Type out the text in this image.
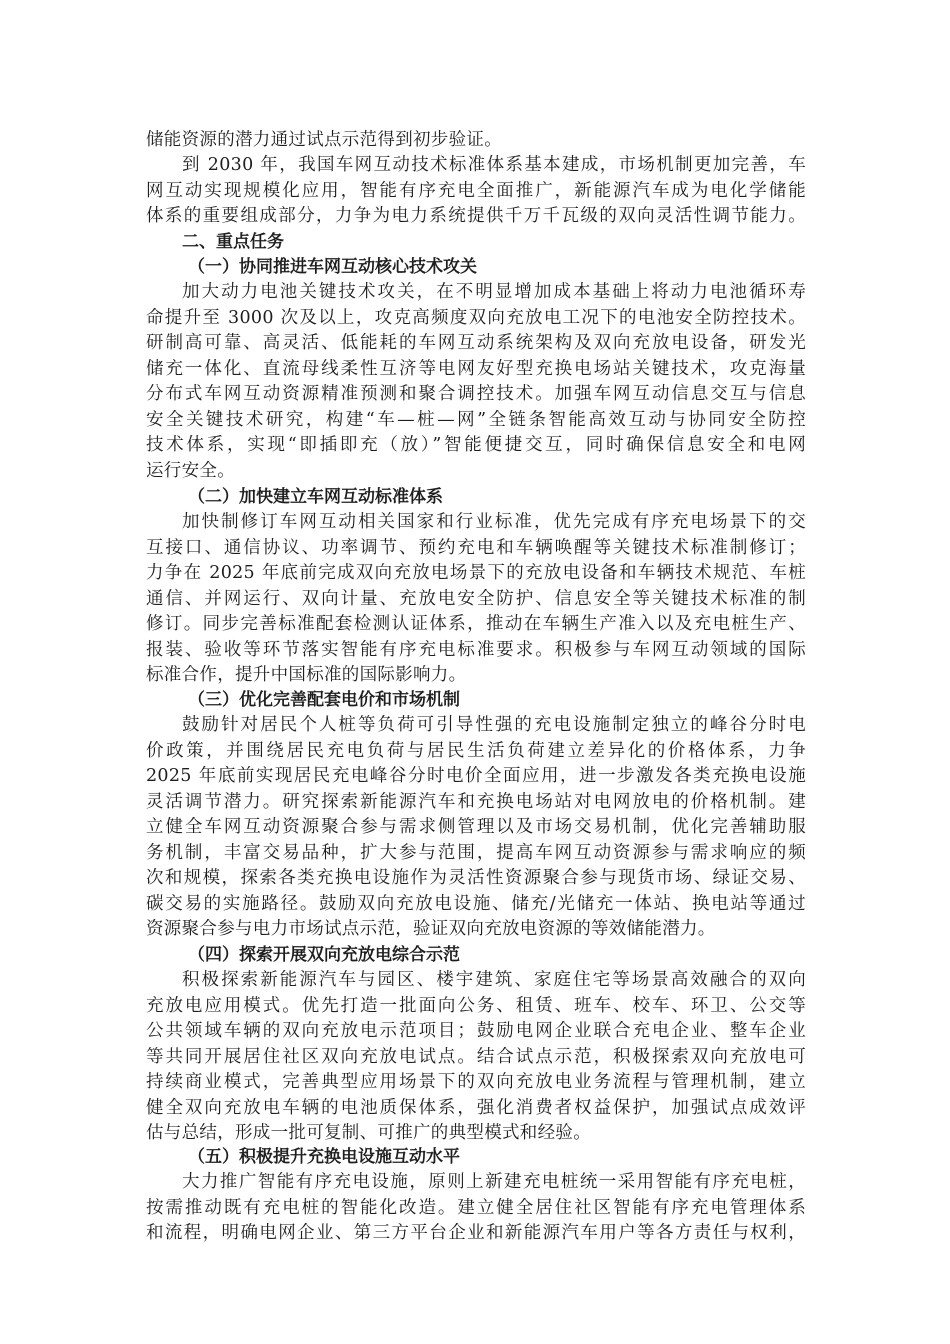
储能资源的潜力通过试点示范得到初步验证。
到 2030 年，我国车网互动技术标准体系基本建成，市场机制更加完善，车
网互动实现规模化应用，智能有序充电全面推广，新能源汽车成为电化学储能
体系的重要组成部分，力争为电力系统提供千万千瓦级的双向灵活性调节能力。
二、重点任务
（一）协同推进车网互动核心技术攻关
加大动力电池关键技术攻关，在不明显增加成本基础上将动力电池循环寿
命提升至 3000 次及以上，攻克高频度双向充放电工况下的电池安全防控技术。
研制高可靠、高灵活、低能耗的车网互动系统架构及双向充放电设备，研发光
储充一体化、直流母线柔性互济等电网友好型充换电场站关键技术，攻克海量
分布式车网互动资源精准预测和聚合调控技术。加强车网互动信息交互与信息
安全关键技术研究，构建“车—桩—网”全链条智能高效互动与协同安全防控
技术体系，实现“即插即充（放）”智能便捷交互，同时确保信息安全和电网
运行安全。
（二）加快建立车网互动标准体系
加快制修订车网互动相关国家和行业标准，优先完成有序充电场景下的交
互接口、通信协议、功率调节、预约充电和车辆唤醒等关键技术标准制修订；
力争在 2025 年底前完成双向充放电场景下的充放电设备和车辆技术规范、车桩
通信、并网运行、双向计量、充放电安全防护、信息安全等关键技术标准的制
修订。同步完善标准配套检测认证体系，推动在车辆生产准入以及充电桩生产、
报装、验收等环节落实智能有序充电标准要求。积极参与车网互动领域的国际
标准合作，提升中国标准的国际影响力。
（三）优化完善配套电价和市场机制
鼓励针对居民个人桩等负荷可引导性强的充电设施制定独立的峰谷分时电
价政策，并围绕居民充电负荷与居民生活负荷建立差异化的价格体系，力争
2025 年底前实现居民充电峰谷分时电价全面应用，进一步激发各类充换电设施
灵活调节潜力。研究探索新能源汽车和充换电场站对电网放电的价格机制。建
立健全车网互动资源聚合参与需求侧管理以及市场交易机制，优化完善辅助服
务机制，丰富交易品种，扩大参与范围，提高车网互动资源参与需求响应的频
次和规模，探索各类充换电设施作为灵活性资源聚合参与现货市场、绿证交易、
碳交易的实施路径。鼓励双向充放电设施、储充/光储充一体站、换电站等通过
资源聚合参与电力市场试点示范，验证双向充放电资源的等效储能潜力。
（四）探索开展双向充放电综合示范
积极探索新能源汽车与园区、楼宇建筑、家庭住宅等场景高效融合的双向
充放电应用模式。优先打造一批面向公务、租赁、班车、校车、环卫、公交等
公共领域车辆的双向充放电示范项目；鼓励电网企业联合充电企业、整车企业
等共同开展居住社区双向充放电试点。结合试点示范，积极探索双向充放电可
持续商业模式，完善典型应用场景下的双向充放电业务流程与管理机制，建立
健全双向充放电车辆的电池质保体系，强化消费者权益保护，加强试点成效评
估与总结，形成一批可复制、可推广的典型模式和经验。
（五）积极提升充换电设施互动水平
大力推广智能有序充电设施，原则上新建充电桩统一采用智能有序充电桩，
按需推动既有充电桩的智能化改造。建立健全居住社区智能有序充电管理体系
和流程，明确电网企业、第三方平台企业和新能源汽车用户等各方责任与权利，
